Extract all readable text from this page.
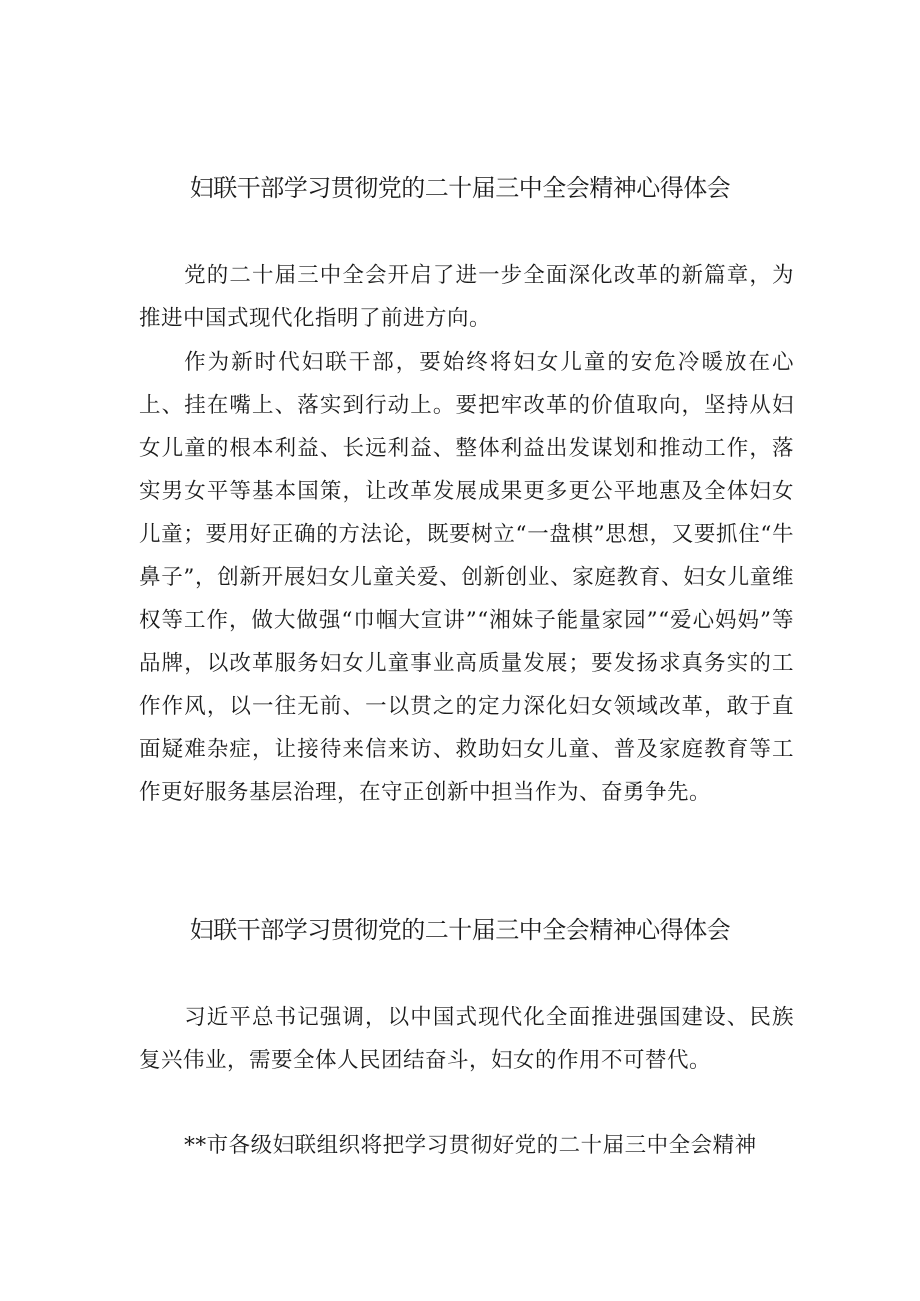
妇联干部学习贯彻党的二十届三中全会精神心得体会

党的二十届三中全会开启了进一步全面深化改革的新篇章，为推进中国式现代化指明了前进方向。

作为新时代妇联干部，要始终将妇女儿童的安危冷暖放在心上、挂在嘴上、落实到行动上。要把牢改革的价值取向，坚持从妇女儿童的根本利益、长远利益、整体利益出发谋划和推动工作，落实男女平等基本国策，让改革发展成果更多更公平地惠及全体妇女儿童；要用好正确的方法论，既要树立“一盘棋”思想，又要抓住“牛鼻子”，创新开展妇女儿童关爱、创新创业、家庭教育、妇女儿童维权等工作，做大做强“巾帼大宣讲”“湘妹子能量家园”“爱心妈妈”等品牌，以改革服务妇女儿童事业高质量发展；要发扬求真务实的工作作风，以一往无前、一以贯之的定力深化妇女领域改革，敢于直面疑难杂症，让接待来信来访、救助妇女儿童、普及家庭教育等工作更好服务基层治理，在守正创新中担当作为、奋勇争先。

妇联干部学习贯彻党的二十届三中全会精神心得体会

习近平总书记强调，以中国式现代化全面推进强国建设、民族复兴伟业，需要全体人民团结奋斗，妇女的作用不可替代。

**市各级妇联组织将把学习贯彻好党的二十届三中全会精神
